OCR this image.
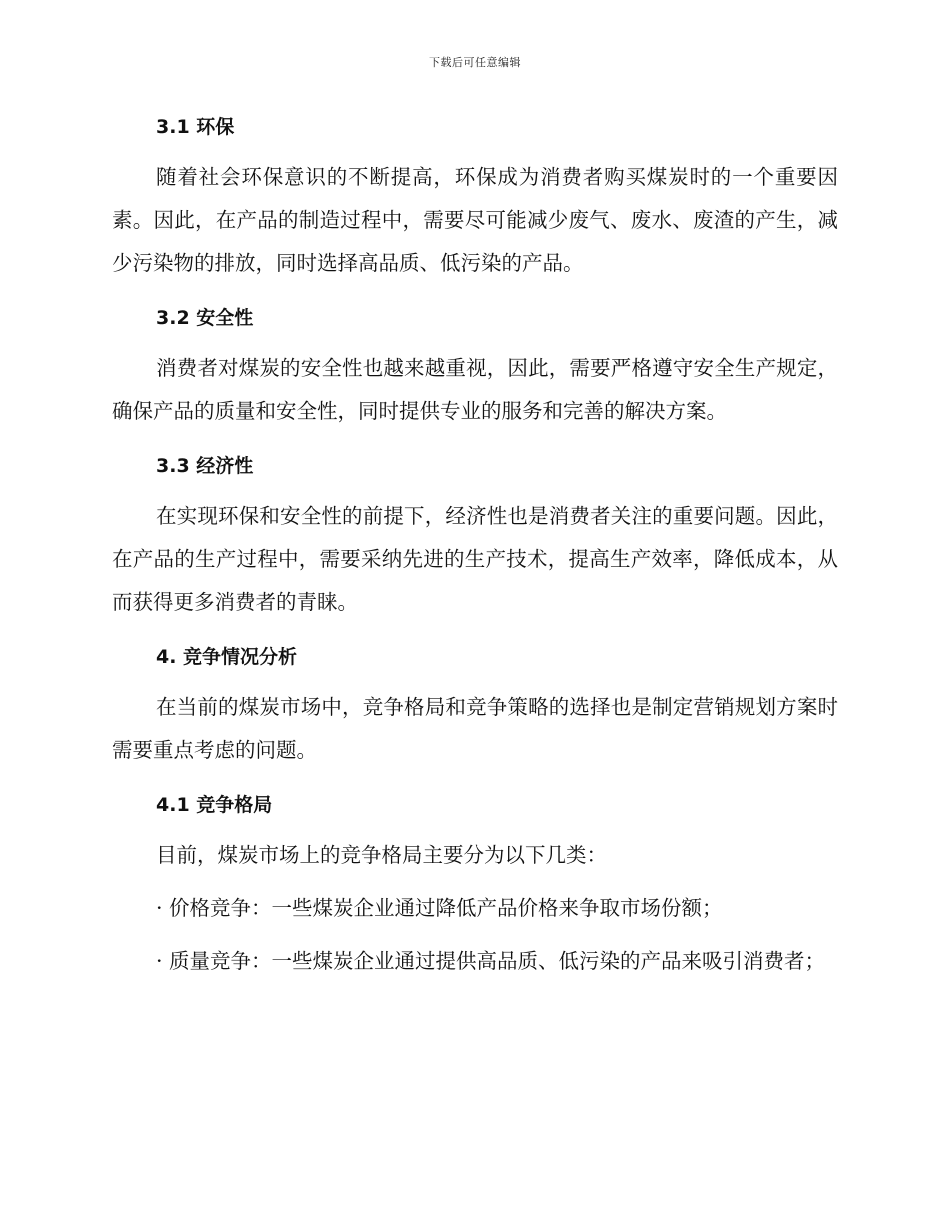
下载后可任意编辑
3.1 环保

随着社会环保意识的不断提高，环保成为消费者购买煤炭时的一个重要因素。因此，在产品的制造过程中，需要尽可能减少废气、废水、废渣的产生，减少污染物的排放，同时选择高品质、低污染的产品。

3.2 安全性

消费者对煤炭的安全性也越来越重视，因此，需要严格遵守安全生产规定，确保产品的质量和安全性，同时提供专业的服务和完善的解决方案。

3.3 经济性

在实现环保和安全性的前提下，经济性也是消费者关注的重要问题。因此，在产品的生产过程中，需要采纳先进的生产技术，提高生产效率，降低成本，从而获得更多消费者的青睐。

4. 竞争情况分析

在当前的煤炭市场中，竞争格局和竞争策略的选择也是制定营销规划方案时需要重点考虑的问题。

4.1 竞争格局

目前，煤炭市场上的竞争格局主要分为以下几类：

· 价格竞争：一些煤炭企业通过降低产品价格来争取市场份额；

· 质量竞争：一些煤炭企业通过提供高品质、低污染的产品来吸引消费者；
